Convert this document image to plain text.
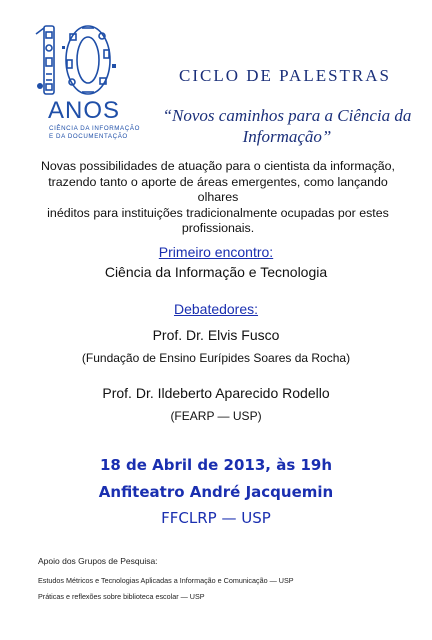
ANOS
CIÊNCIA DA INFORMAÇÃO
E DA DOCUMENTAÇÃO
CICLO DE PALESTRAS
“Novos caminhos para a Ciência da
Informação”
Novas possibilidades de atuação para o cientista da informação,
trazendo tanto o aporte de áreas emergentes, como lançando olhares
inéditos para instituições tradicionalmente ocupadas por estes
profissionais.
Primeiro encontro:
Ciência da Informação e Tecnologia
Debatedores:
Prof. Dr. Elvis Fusco
(Fundação de Ensino Eurípides Soares da Rocha)
Prof. Dr. Ildeberto Aparecido Rodello
(FEARP — USP)
18 de Abril de 2013, às 19h
Anfiteatro André Jacquemin
FFCLRP — USP
Apoio dos Grupos de Pesquisa:
Estudos Métricos e Tecnologias Aplicadas a Informação e Comunicação — USP
Práticas e reflexões sobre biblioteca escolar — USP
